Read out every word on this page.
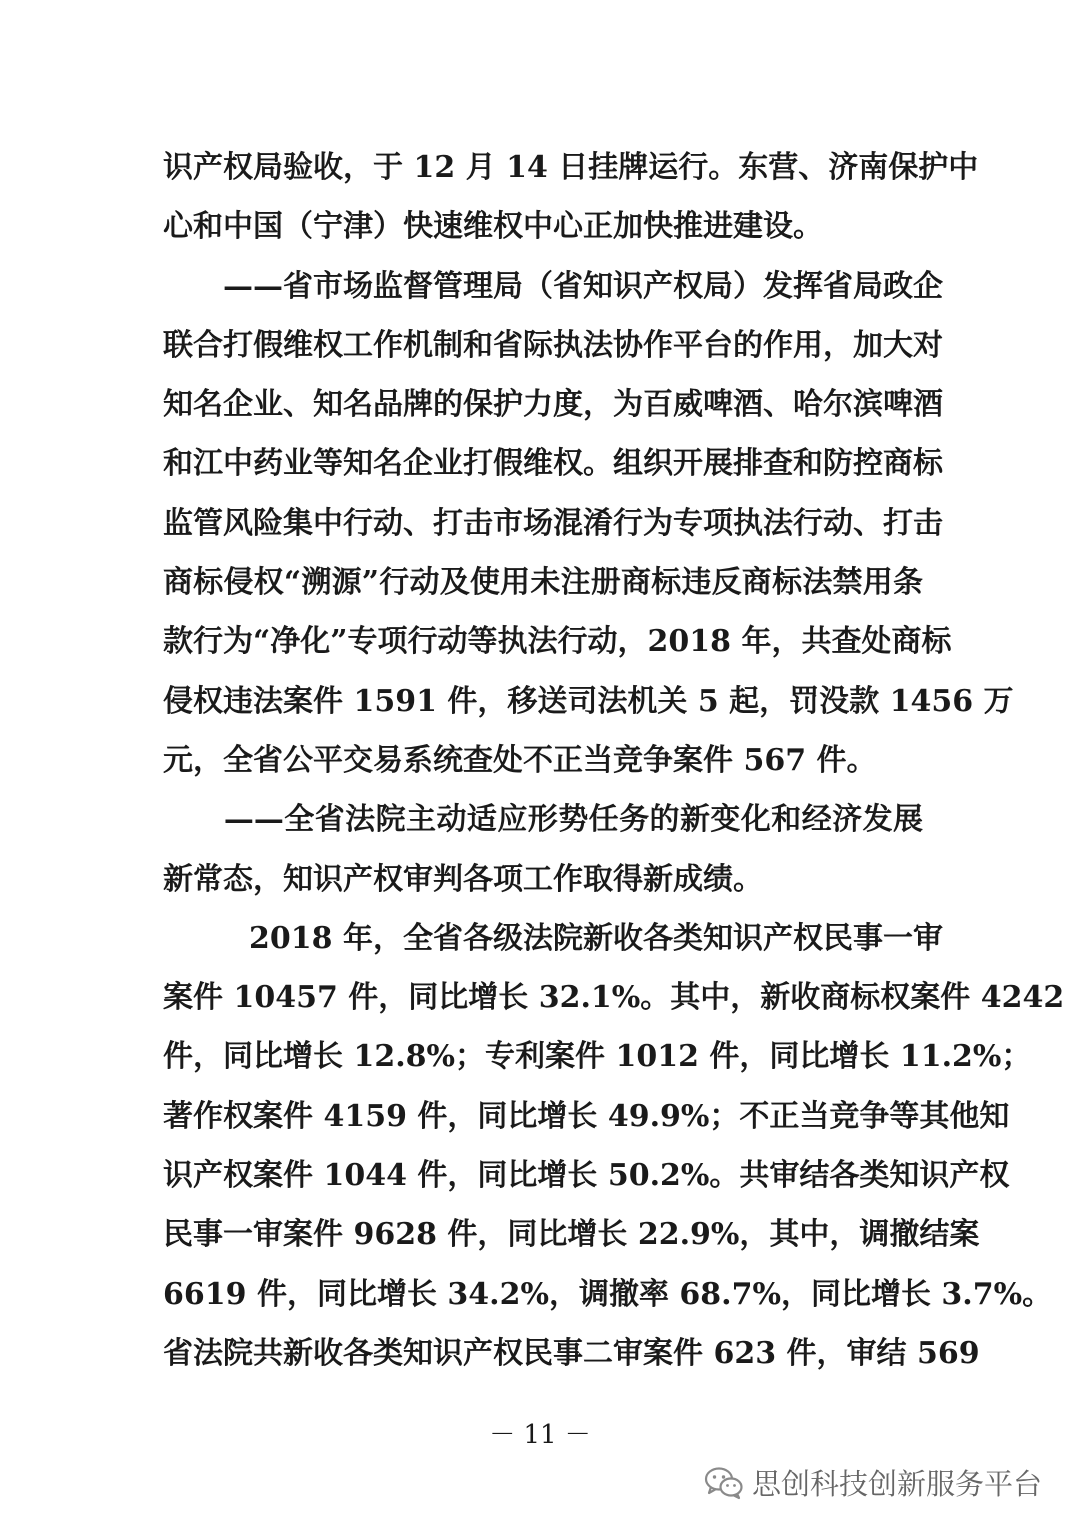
识产权局验收，于 12 月 14 日挂牌运行。东营、济南保护中
心和中国（宁津）快速维权中心正加快推进建设。
　　——省市场监督管理局（省知识产权局）发挥省局政企
联合打假维权工作机制和省际执法协作平台的作用，加大对
知名企业、知名品牌的保护力度，为百威啤酒、哈尔滨啤酒
和江中药业等知名企业打假维权。组织开展排查和防控商标
监管风险集中行动、打击市场混淆行为专项执法行动、打击
商标侵权“溯源”行动及使用未注册商标违反商标法禁用条
款行为“净化”专项行动等执法行动，2018 年，共查处商标
侵权违法案件 1591 件，移送司法机关 5 起，罚没款 1456 万
元，全省公平交易系统查处不正当竞争案件 567 件。
　　——全省法院主动适应形势任务的新变化和经济发展
新常态，知识产权审判各项工作取得新成绩。
2018 年，全省各级法院新收各类知识产权民事一审
案件 10457 件，同比增长 32.1%。其中，新收商标权案件 4242
件，同比增长 12.8%；专利案件 1012 件，同比增长 11.2%；
著作权案件 4159 件，同比增长 49.9%；不正当竞争等其他知
识产权案件 1044 件，同比增长 50.2%。共审结各类知识产权
民事一审案件 9628 件，同比增长 22.9%，其中，调撤结案
6619 件，同比增长 34.2%，调撤率 68.7%，同比增长 3.7%。
省法院共新收各类知识产权民事二审案件 623 件，审结 569
－ 11 －
思创科技创新服务平台
